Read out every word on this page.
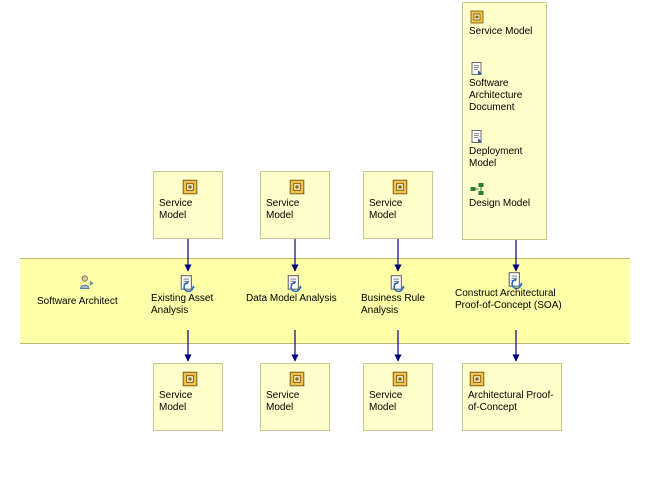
Service Model
Software Architecture Document
Deployment Model
Design Model
Service Model
Service Model
Service Model
Software Architect	Existing Asset Analysis
Data Model Analysis	Business Rule Analysis
Construct Architectural Proof-of-Concept (SOA)
Service Model
Service Model
Service Model
Architectural Proof-of-Concept
